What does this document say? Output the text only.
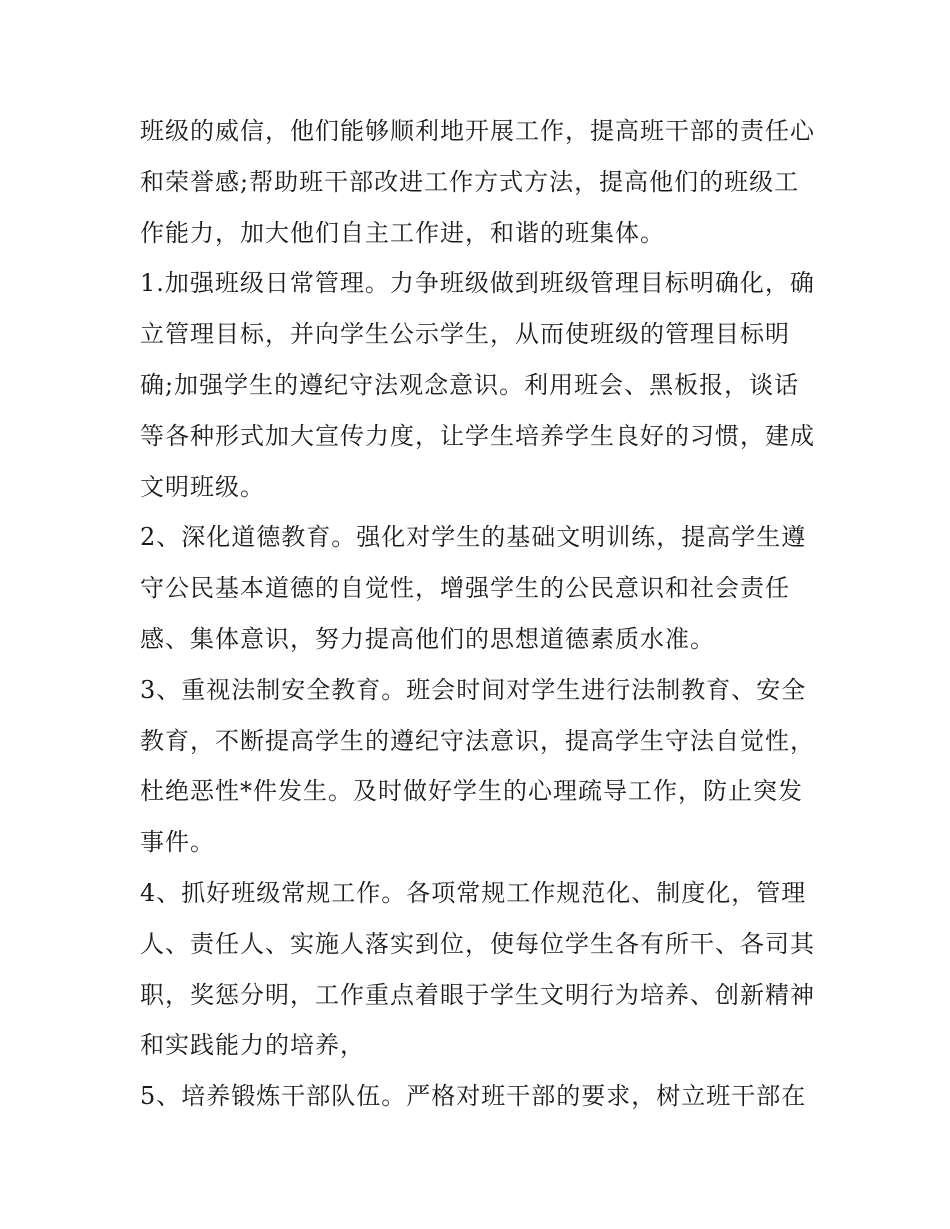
班级的威信，他们能够顺利地开展工作，提高班干部的责任心和荣誉感;帮助班干部改进工作方式方法，提高他们的班级工作能力，加大他们自主工作进，和谐的班集体。

1.加强班级日常管理。力争班级做到班级管理目标明确化，确立管理目标，并向学生公示学生，从而使班级的管理目标明确;加强学生的遵纪守法观念意识。利用班会、黑板报，谈话等各种形式加大宣传力度，让学生培养学生良好的习惯，建成文明班级。

2、深化道德教育。强化对学生的基础文明训练，提高学生遵守公民基本道德的自觉性，增强学生的公民意识和社会责任感、集体意识，努力提高他们的思想道德素质水准。

3、重视法制安全教育。班会时间对学生进行法制教育、安全教育，不断提高学生的遵纪守法意识，提高学生守法自觉性，杜绝恶性*件发生。及时做好学生的心理疏导工作，防止突发事件。

4、抓好班级常规工作。各项常规工作规范化、制度化，管理人、责任人、实施人落实到位，使每位学生各有所干、各司其职，奖惩分明，工作重点着眼于学生文明行为培养、创新精神和实践能力的培养，

5、培养锻炼干部队伍。严格对班干部的要求，树立班干部在
